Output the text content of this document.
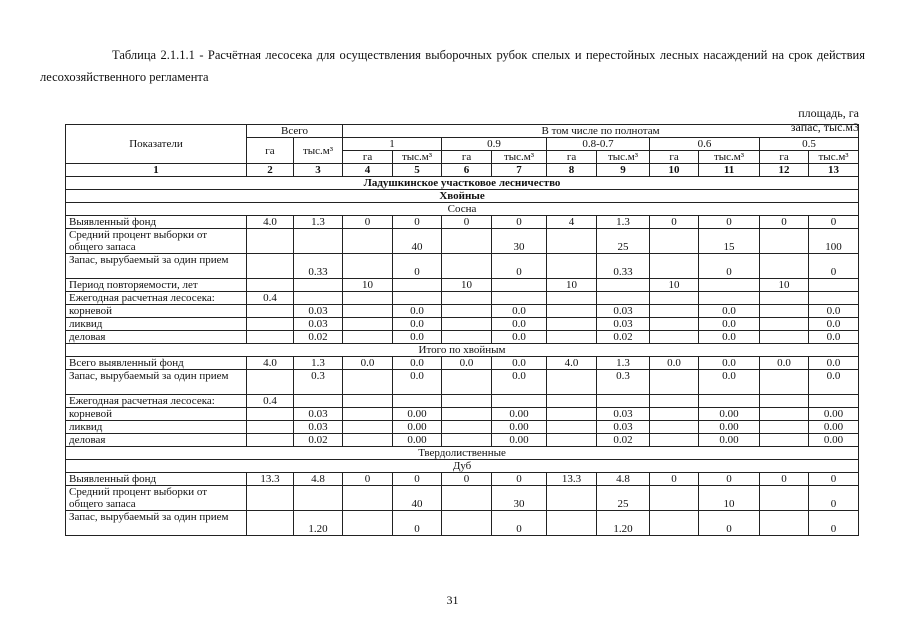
Таблица 2.1.1.1 - Расчётная лесосека для осуществления выборочных рубок спелых и перестойных лесных насаждений на срок действия лесохозяйственного регламента
площадь, га
запас, тыс.м3
Показатели	Всего		В том числе по полнотам									
	га	тыс.м³	1		0.9		0.8-0.7		0.6		0.5	
			га	тыс.м³	га	тыс.м³	га	тыс.м³	га	тыс.м³	га	тыс.м³
1	2	3	4	5	6	7	8	9	10	11	12	13
Ладушкинское участковое лесничество												
Хвойные												
Сосна												
Выявленный фонд	4.0	1.3	0	0	0	0	4	1.3	0	0	0	0
Средний процент выборки от общего запаса				40		30		25		15		100
Запас, вырубаемый за один прием		0.33		0		0		0.33		0		0
Период повторяемости, лет			10		10		10		10		10	
Ежегодная расчетная лесосека:	0.4											
корневой		0.03		0.0		0.0		0.03		0.0		0.0
ликвид		0.03		0.0		0.0		0.03		0.0		0.0
деловая		0.02		0.0		0.0		0.02		0.0		0.0
Итого по хвойным												
Всего выявленный фонд	4.0	1.3	0.0	0.0	0.0	0.0	4.0	1.3	0.0	0.0	0.0	0.0
Запас, вырубаемый за один прием		0.3		0.0		0.0		0.3		0.0		0.0
Ежегодная расчетная лесосека:	0.4											
корневой		0.03		0.00		0.00		0.03		0.00		0.00
ликвид		0.03		0.00		0.00		0.03		0.00		0.00
деловая		0.02		0.00		0.00		0.02		0.00		0.00
Твердолиственные												
Дуб												
Выявленный фонд	13.3	4.8	0	0	0	0	13.3	4.8	0	0	0	0
Средний процент выборки от общего запаса				40		30		25		10		0
Запас, вырубаемый за один прием		1.20		0		0		1.20		0		0
31
